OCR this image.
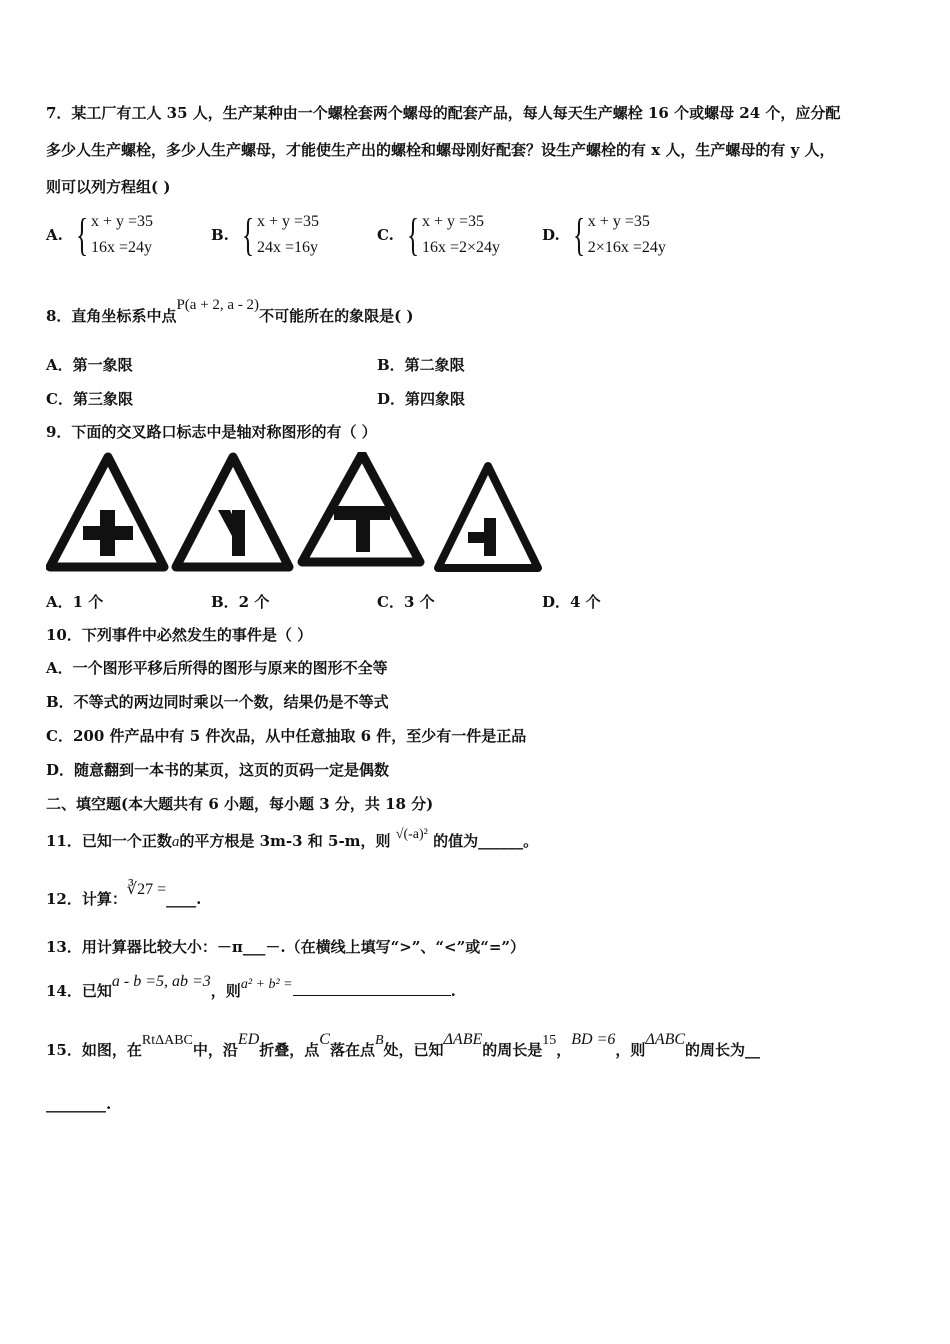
7．某工厂有工人 35 人，生产某种由一个螺栓套两个螺母的配套产品，每人每天生产螺栓 16 个或螺母 24 个，应分配
多少人生产螺栓，多少人生产螺母，才能使生产出的螺栓和螺母刚好配套？设生产螺栓的有 x 人，生产螺母的有 y 人，
则可以列方程组( )
A. { x + y =35
16x =24y
B. { x + y =35
24x =16y
C. { x + y =35
16x =2×24y
D. { x + y =35
2×16x =24y
8．直角坐标系中点P(a + 2, a - 2)不可能所在的象限是( )
A．第一象限	B．第二象限
C．第三象限	D．第四象限
9．下面的交叉路口标志中是轴对称图形的有（ ）
A．1 个	B．2 个	C．3 个	D．4 个
10．下列事件中必然发生的事件是（ ）
A．一个图形平移后所得的图形与原来的图形不全等
B．不等式的两边同时乘以一个数，结果仍是不等式
C．200 件产品中有 5 件次品，从中任意抽取 6 件，至少有一件是正品
D．随意翻到一本书的某页，这页的页码一定是偶数
二、填空题(本大题共有 6 小题，每小题 3 分，共 18 分)
11．已知一个正数a的平方根是 3m-3 和 5-m，则 √(-a)² 的值为______。
12．计算：∛27 =____.
13．用计算器比较大小：－π___－.（在横线上填写“>”、“<”或“=”）
14．已知a - b =5, ab =3，则a² + b² =	.
15．如图，在RtΔABC中，沿ED折叠，点C落在点B处，已知ΔABE的周长是15，BD =6，则ΔABC的周长为__
________.
